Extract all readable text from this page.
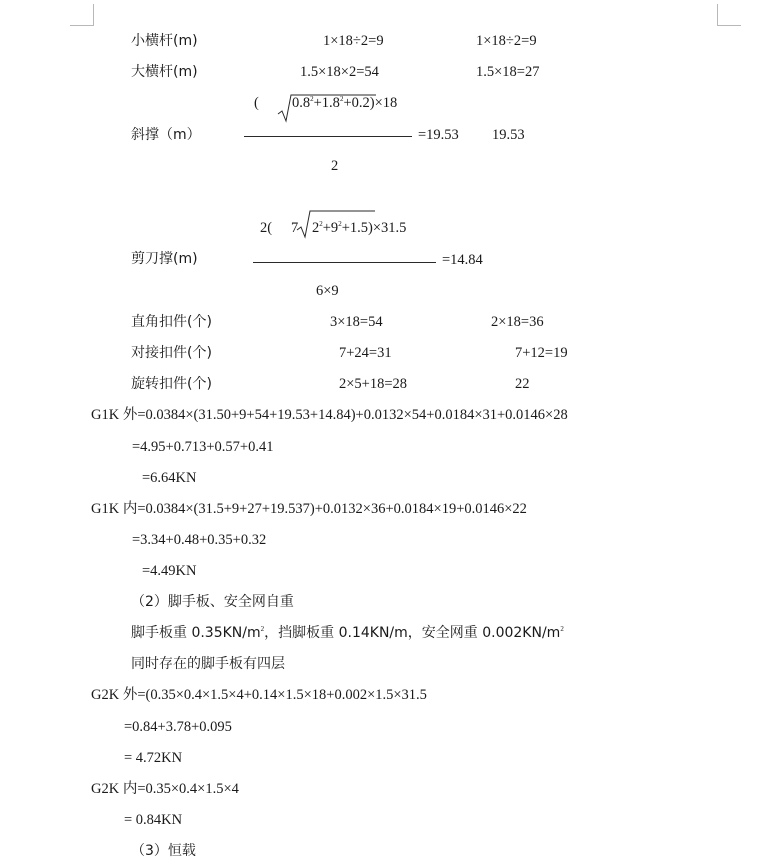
小横杆(m)	1×18÷2=9	1×18÷2=9
大横杆(m)	1.5×18×2=54	1.5×18=27
( $0.8^2+1.8^2+0.2)\times 18$
斜撑（m）	=19.53 19.53
2
2( 7 $2^2+9^2+1.5)\times 31.5$
剪刀撑(m)	=14.84
6×9
直角扣件(个)	3×18=54	2×18=36
对接扣件(个)	7+24=31	7+12=19
旋转扣件(个)	2×5+18=28	22
G1K 外=0.0384×(31.50+9+54+19.53+14.84)+0.0132×54+0.0184×31+0.0146×28
=4.95+0.713+0.57+0.41
=6.64KN
G1K 内=0.0384×(31.5+9+27+19.537)+0.0132×36+0.0184×19+0.0146×22
=3.34+0.48+0.35+0.32
=4.49KN
（2）脚手板、安全网自重
脚手板重 $0.35KN/m^2$，挡脚板重 0.14KN/m，安全网重 $0.002KN/m^2$
同时存在的脚手板有四层
G2K 外=(0.35×0.4×1.5×4+0.14×1.5×18+0.002×1.5×31.5
=0.84+3.78+0.095
= 4.72KN
G2K 内=0.35×0.4×1.5×4
= 0.84KN
（3）恒载
